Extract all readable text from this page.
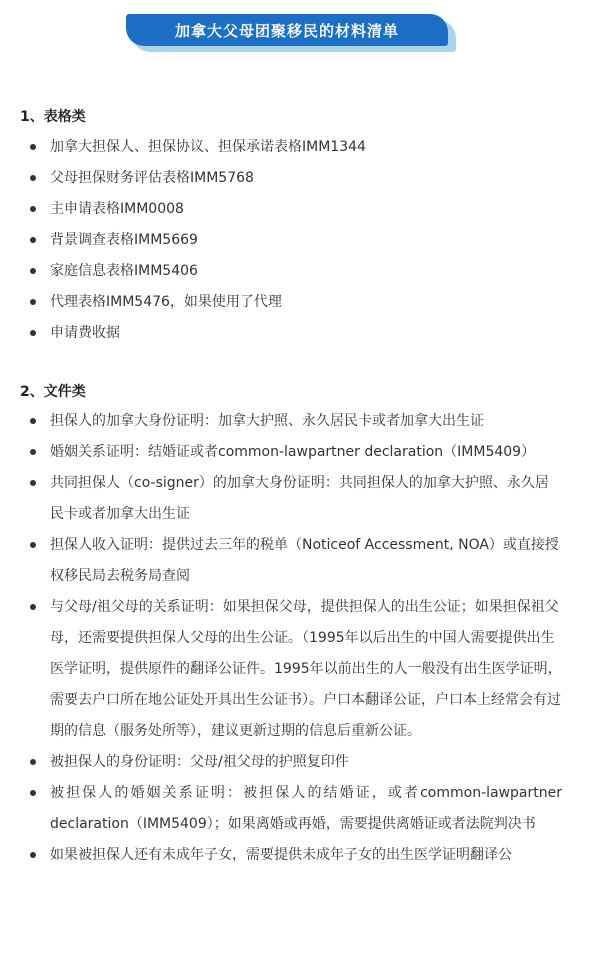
加拿大父母团聚移民的材料清单
1、表格类
加拿大担保人、担保协议、担保承诺表格IMM1344
父母担保财务评估表格IMM5768
主申请表格IMM0008
背景调查表格IMM5669
家庭信息表格IMM5406
代理表格IMM5476，如果使用了代理
申请费收据
2、文件类
担保人的加拿大身份证明：加拿大护照、永久居民卡或者加拿大出生证
婚姻关系证明：结婚证或者common-lawpartner declaration（IMM5409）
共同担保人（co-signer）的加拿大身份证明：共同担保人的加拿大护照、永久居民卡或者加拿大出生证
担保人收入证明：提供过去三年的税单（Noticeof Accessment, NOA）或直接授权移民局去税务局查阅
与父母/祖父母的关系证明：如果担保父母，提供担保人的出生公证；如果担保祖父母，还需要提供担保人父母的出生公证。（1995年以后出生的中国人需要提供出生医学证明，提供原件的翻译公证件。1995年以前出生的人一般没有出生医学证明，需要去户口所在地公证处开具出生公证书）。户口本翻译公证，户口本上经常会有过期的信息（服务处所等），建议更新过期的信息后重新公证。
被担保人的身份证明：父母/祖父母的护照复印件
被担保人的婚姻关系证明：被担保人的结婚证，或者common-lawpartner declaration（IMM5409）；如果离婚或再婚，需要提供离婚证或者法院判决书
如果被担保人还有未成年子女，需要提供未成年子女的出生医学证明翻译公
